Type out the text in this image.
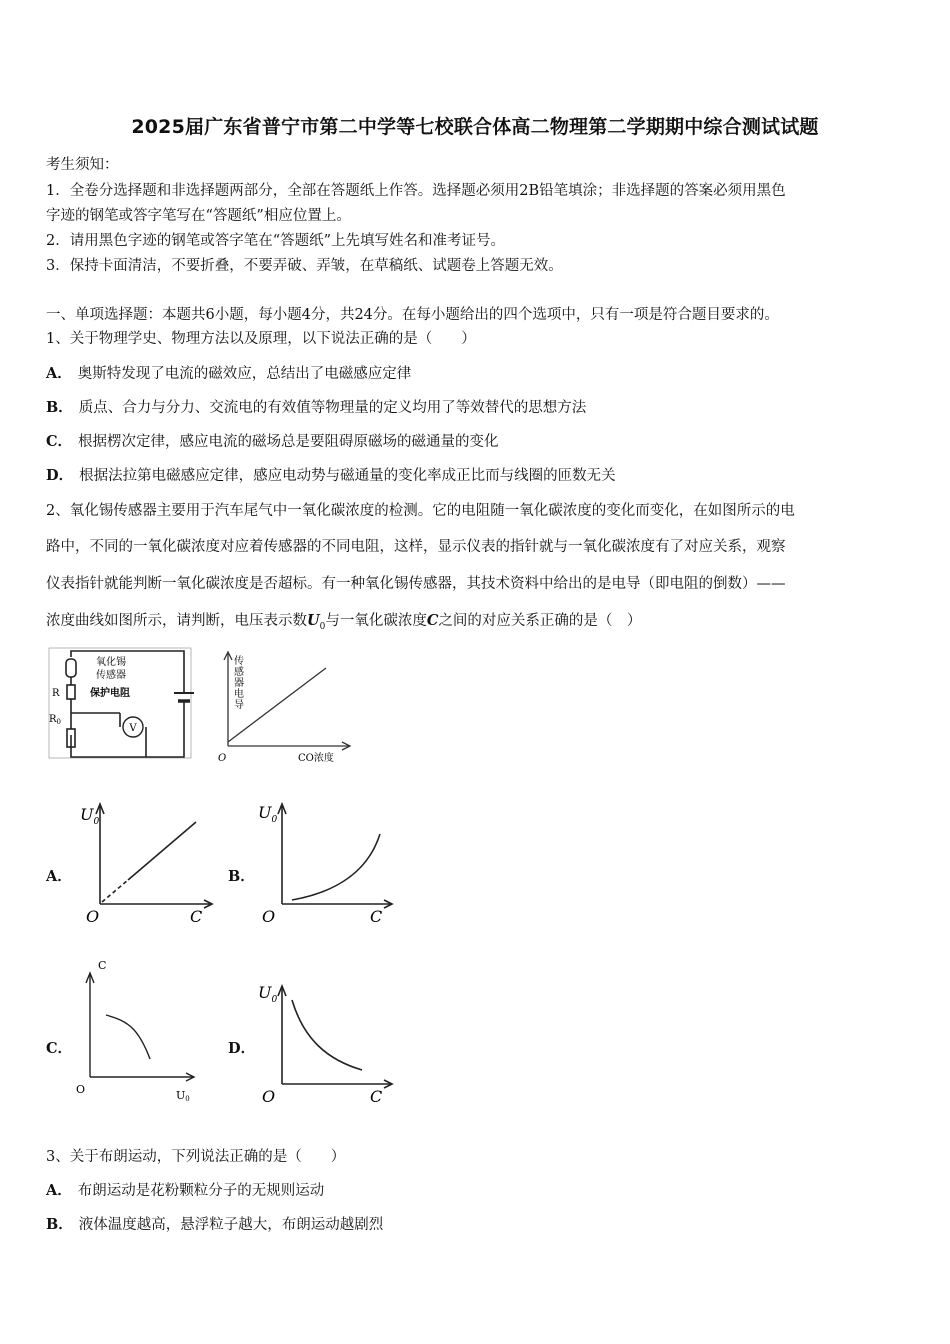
2025届广东省普宁市第二中学等七校联合体高二物理第二学期期中综合测试试题
考生须知：
1．全卷分选择题和非选择题两部分，全部在答题纸上作答。选择题必须用2B铅笔填涂；非选择题的答案必须用黑色
字迹的钢笔或答字笔写在“答题纸”相应位置上。
2．请用黑色字迹的钢笔或答字笔在“答题纸”上先填写姓名和准考证号。
3．保持卡面清洁，不要折叠，不要弄破、弄皱，在草稿纸、试题卷上答题无效。
一、单项选择题：本题共6小题，每小题4分，共24分。在每小题给出的四个选项中，只有一项是符合题目要求的。
1、关于物理学史、物理方法以及原理，以下说法正确的是（　　）
A． 奥斯特发现了电流的磁效应，总结出了电磁感应定律
B． 质点、合力与分力、交流电的有效值等物理量的定义均用了等效替代的思想方法
C． 根据楞次定律，感应电流的磁场总是要阻碍原磁场的磁通量的变化
D． 根据法拉第电磁感应定律，感应电动势与磁通量的变化率成正比而与线圈的匝数无关
2、氧化锡传感器主要用于汽车尾气中一氧化碳浓度的检测。它的电阻随一氧化碳浓度的变化而变化，在如图所示的电
路中，不同的一氧化碳浓度对应着传感器的不同电阻，这样，显示仪表的指针就与一氧化碳浓度有了对应关系，观察
仪表指针就能判断一氧化碳浓度是否超标。有一种氧化锡传感器，其技术资料中给出的是电导（即电阻的倒数）——
浓度曲线如图所示，请判断，电压表示数$U_0$与一氧化碳浓度C之间的对应关系正确的是（　）
V
氧化锡
传感器
R	保护电阻
$R_0$
传
感
器
电
导
O	CO浓度
A．
$U_0$
O	C
B．
$U_0$
O	C
C．
C
O	U0
D．
$U_0$
O	C
3、关于布朗运动，下列说法正确的是（　　）
A． 布朗运动是花粉颗粒分子的无规则运动
B． 液体温度越高，悬浮粒子越大，布朗运动越剧烈
